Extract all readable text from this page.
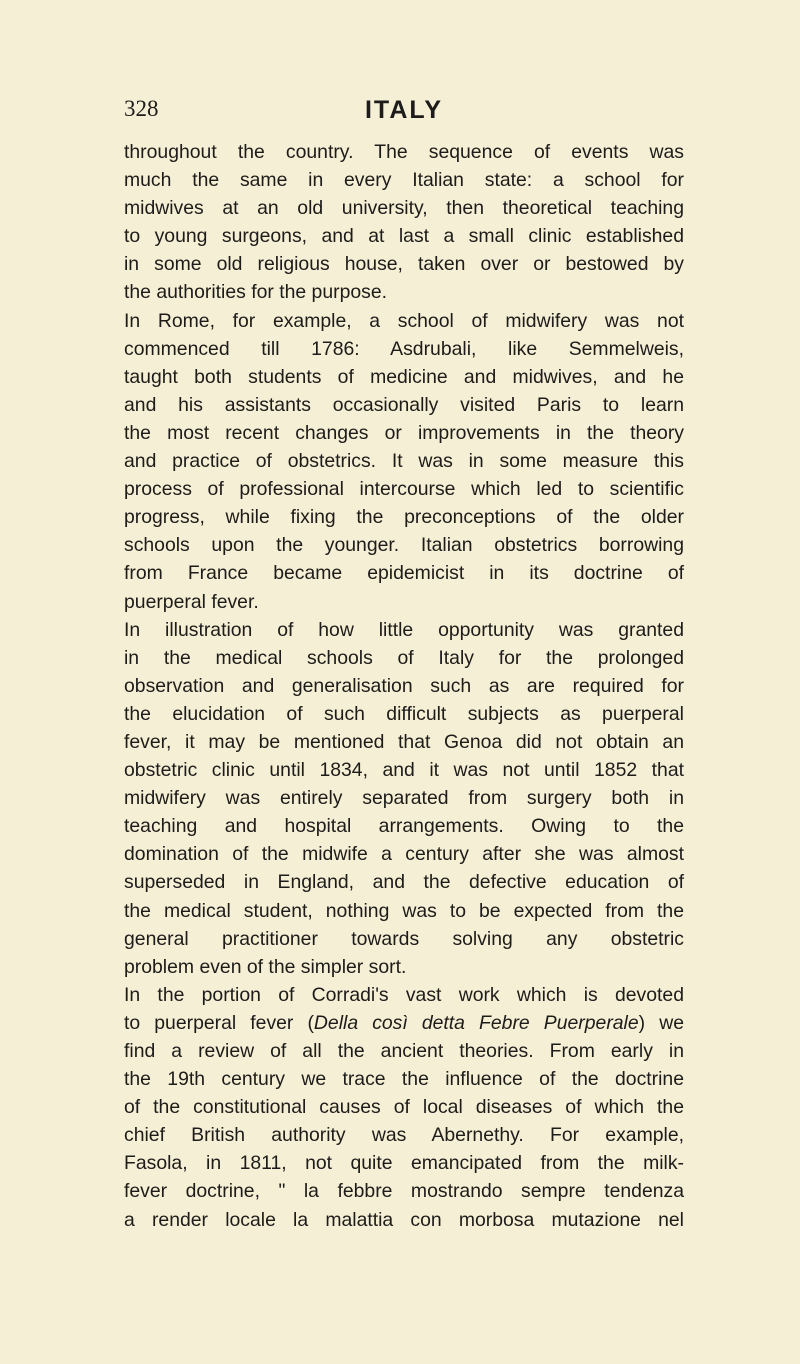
328	ITALY
throughout the country. The sequence of events was
much the same in every Italian state: a school for
midwives at an old university, then theoretical teaching
to young surgeons, and at last a small clinic established
in some old religious house, taken over or bestowed by
the authorities for the purpose.
In Rome, for example, a school of midwifery was not
commenced till 1786: Asdrubali, like Semmelweis,
taught both students of medicine and midwives, and he
and his assistants occasionally visited Paris to learn
the most recent changes or improvements in the theory
and practice of obstetrics. It was in some measure this
process of professional intercourse which led to scientific
progress, while fixing the preconceptions of the older
schools upon the younger. Italian obstetrics borrowing
from France became epidemicist in its doctrine of
puerperal fever.
In illustration of how little opportunity was granted
in the medical schools of Italy for the prolonged
observation and generalisation such as are required for
the elucidation of such difficult subjects as puerperal
fever, it may be mentioned that Genoa did not obtain an
obstetric clinic until 1834, and it was not until 1852 that
midwifery was entirely separated from surgery both in
teaching and hospital arrangements. Owing to the
domination of the midwife a century after she was almost
superseded in England, and the defective education of
the medical student, nothing was to be expected from the
general practitioner towards solving any obstetric
problem even of the simpler sort.
In the portion of Corradi's vast work which is devoted
to puerperal fever (Della così detta Febre Puerperale) we
find a review of all the ancient theories. From early in
the 19th century we trace the influence of the doctrine
of the constitutional causes of local diseases of which the
chief British authority was Abernethy. For example,
Fasola, in 1811, not quite emancipated from the milk-
fever doctrine, " la febbre mostrando sempre tendenza
a render locale la malattia con morbosa mutazione nel
